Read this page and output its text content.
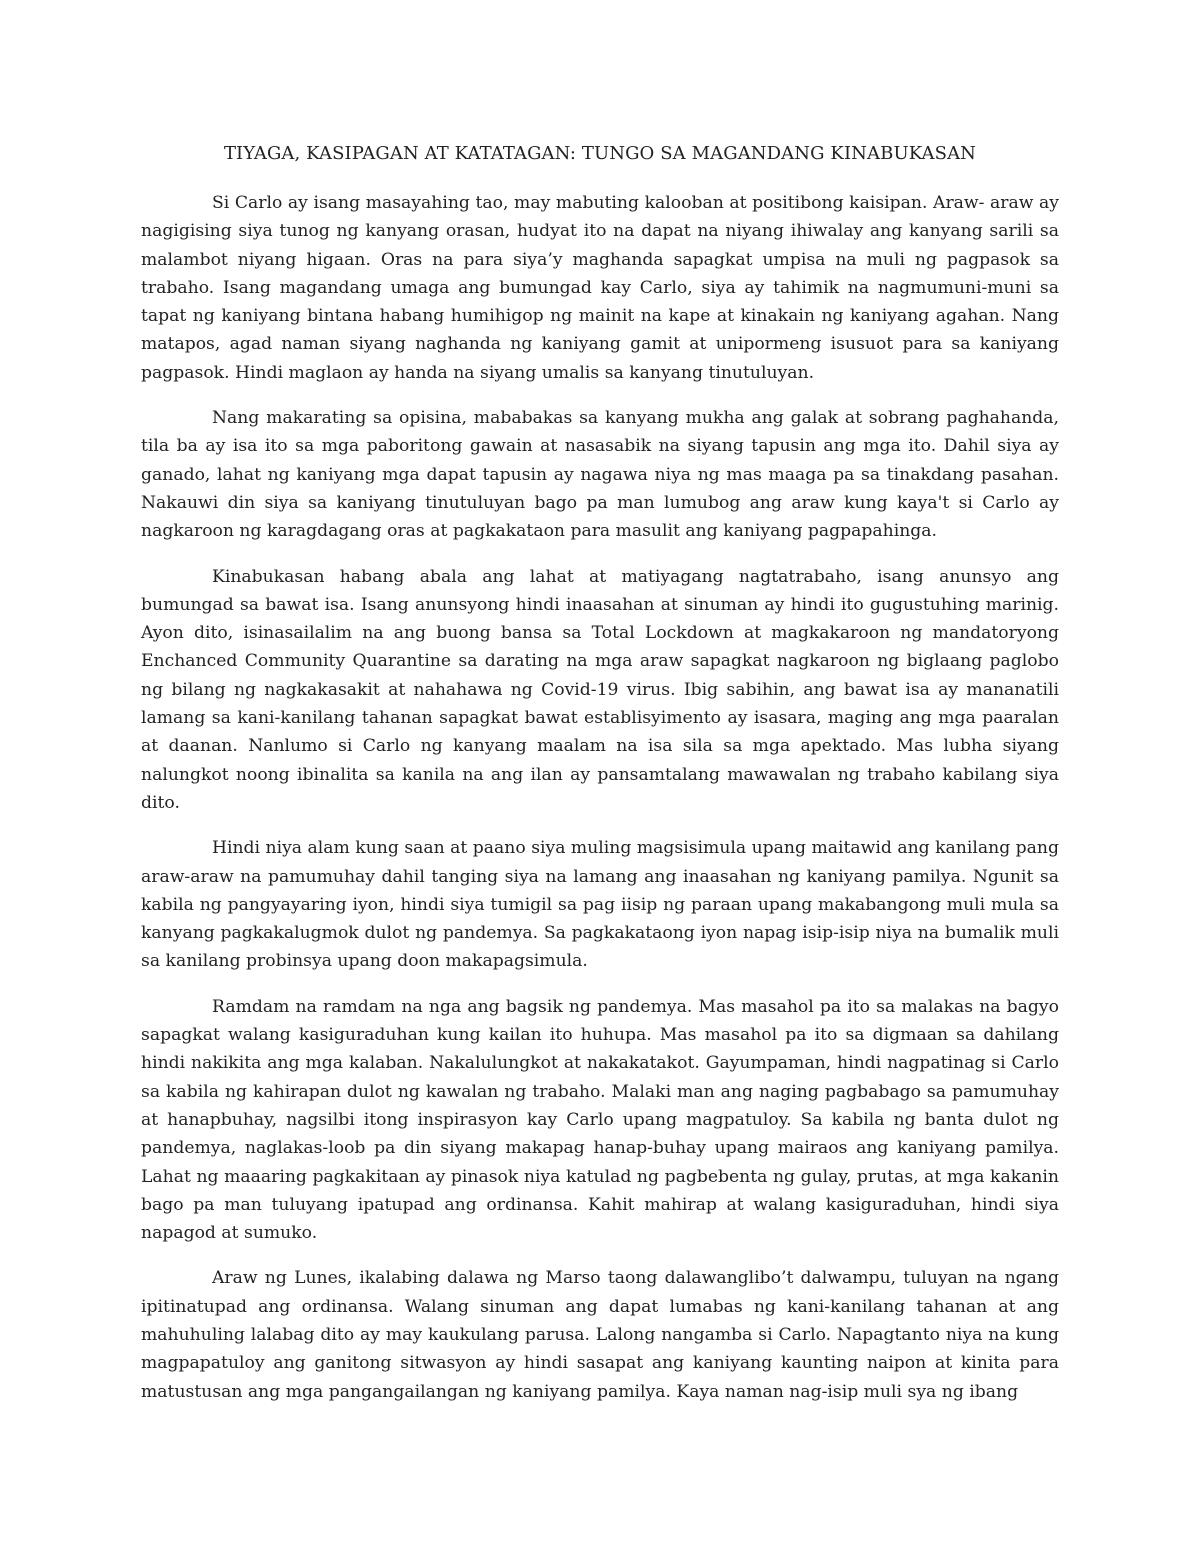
TIYAGA, KASIPAGAN AT KATATAGAN: TUNGO SA MAGANDANG KINABUKASAN

Si Carlo ay isang masayahing tao, may mabuting kalooban at positibong kaisipan. Araw- araw ay nagigising siya tunog ng kanyang orasan, hudyat ito na dapat na niyang ihiwalay ang kanyang sarili sa malambot niyang higaan. Oras na para siya’y maghanda sapagkat umpisa na muli ng pagpasok sa trabaho. Isang magandang umaga ang bumungad kay Carlo, siya ay tahimik na nagmumuni-muni sa tapat ng kaniyang bintana habang humihigop ng mainit na kape at kinakain ng kaniyang agahan. Nang matapos, agad naman siyang naghanda ng kaniyang gamit at unipormeng isusuot para sa kaniyang pagpasok. Hindi maglaon ay handa na siyang umalis sa kanyang tinutuluyan.

Nang makarating sa opisina, mababakas sa kanyang mukha ang galak at sobrang paghahanda, tila ba ay isa ito sa mga paboritong gawain at nasasabik na siyang tapusin ang mga ito. Dahil siya ay ganado, lahat ng kaniyang mga dapat tapusin ay nagawa niya ng mas maaga pa sa tinakdang pasahan. Nakauwi din siya sa kaniyang tinutuluyan bago pa man lumubog ang araw kung kaya't si Carlo ay nagkaroon ng karagdagang oras at pagkakataon para masulit ang kaniyang pagpapahinga.

Kinabukasan habang abala ang lahat at matiyagang nagtatrabaho, isang anunsyo ang bumungad sa bawat isa. Isang anunsyong hindi inaasahan at sinuman ay hindi ito gugustuhing marinig. Ayon dito, isinasailalim na ang buong bansa sa Total Lockdown at magkakaroon ng mandatoryong Enchanced Community Quarantine sa darating na mga araw sapagkat nagkaroon ng biglaang paglobo ng bilang ng nagkakasakit at nahahawa ng Covid-19 virus. Ibig sabihin, ang bawat isa ay mananatili lamang sa kani-kanilang tahanan sapagkat bawat establisyimento ay isasara, maging ang mga paaralan at daanan. Nanlumo si Carlo ng kanyang maalam na isa sila sa mga apektado. Mas lubha siyang nalungkot noong ibinalita sa kanila na ang ilan ay pansamtalang mawawalan ng trabaho kabilang siya dito.

Hindi niya alam kung saan at paano siya muling magsisimula upang maitawid ang kanilang pang araw-araw na pamumuhay dahil tanging siya na lamang ang inaasahan ng kaniyang pamilya. Ngunit sa kabila ng pangyayaring iyon, hindi siya tumigil sa pag iisip ng paraan upang makabangong muli mula sa kanyang pagkakalugmok dulot ng pandemya. Sa pagkakataong iyon napag isip-isip niya na bumalik muli sa kanilang probinsya upang doon makapagsimula.

Ramdam na ramdam na nga ang bagsik ng pandemya. Mas masahol pa ito sa malakas na bagyo sapagkat walang kasiguraduhan kung kailan ito huhupa. Mas masahol pa ito sa digmaan sa dahilang hindi nakikita ang mga kalaban. Nakalulungkot at nakakatakot. Gayumpaman, hindi nagpatinag si Carlo sa kabila ng kahirapan dulot ng kawalan ng trabaho. Malaki man ang naging pagbabago sa pamumuhay at hanapbuhay, nagsilbi itong inspirasyon kay Carlo upang magpatuloy. Sa kabila ng banta dulot ng pandemya, naglakas-loob pa din siyang makapag hanap-buhay upang mairaos ang kaniyang pamilya. Lahat ng maaaring pagkakitaan ay pinasok niya katulad ng pagbebenta ng gulay, prutas, at mga kakanin bago pa man tuluyang ipatupad ang ordinansa. Kahit mahirap at walang kasiguraduhan, hindi siya napagod at sumuko.

Araw ng Lunes, ikalabing dalawa ng Marso taong dalawanglibo’t dalwampu, tuluyan na ngang ipitinatupad ang ordinansa. Walang sinuman ang dapat lumabas ng kani-kanilang tahanan at ang mahuhuling lalabag dito ay may kaukulang parusa. Lalong nangamba si Carlo. Napagtanto niya na kung magpapatuloy ang ganitong sitwasyon ay hindi sasapat ang kaniyang kaunting naipon at kinita para matustusan ang mga pangangailangan ng kaniyang pamilya. Kaya naman nag-isip muli sya ng ibang
